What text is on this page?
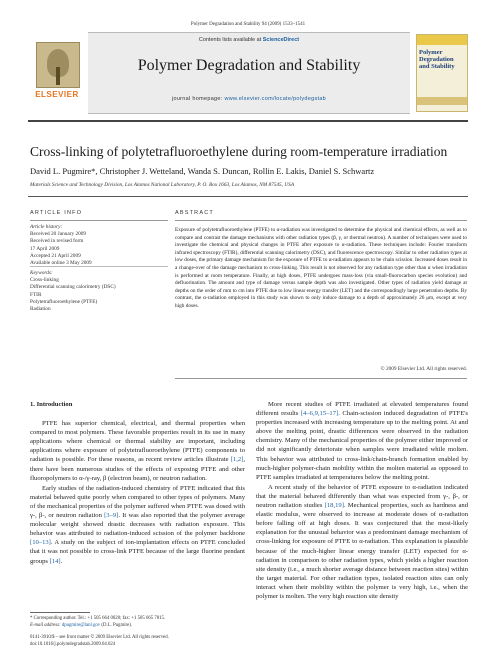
Polymer Degradation and Stability 94 (2009) 1533–1541
ELSEVIER
Contents lists available at ScienceDirect
Polymer Degradation and Stability
journal homepage: www.elsevier.com/locate/polydegstab
Polymer Degradation and Stability
Cross-linking of polytetrafluoroethylene during room-temperature irradiation
David L. Pugmire*, Christopher J. Wetteland, Wanda S. Duncan, Rollin E. Lakis, Daniel S. Schwartz
Materials Science and Technology Division, Los Alamos National Laboratory, P. O. Box 1663, Los Alamos, NM 87545, USA
ARTICLE INFO	ABSTRACT
Article history:
Received 20 January 2009
Received in revised form
17 April 2009
Accepted 21 April 2009
Available online 3 May 2009
Keywords:
Cross-linking
Differential scanning calorimetry (DSC)
FTIR
Polytetrafluoroethylene (PTFE)
Radiation
Exposure of polytetrafluoroethylene (PTFE) to α-radiation was investigated to determine the physical and chemical effects, as well as to compare and contrast the damage mechanisms with other radiation types (β, γ, or thermal neutron). A number of techniques were used to investigate the chemical and physical changes in PTFE after exposure to α-radiation. These techniques include: Fourier transform infrared spectroscopy (FTIR), differential scanning calorimetry (DSC), and fluorescence spectroscopy. Similar to other radiation types at low doses, the primary damage mechanism for the exposure of PTFE to α-radiation appears to be chain scission. Increased doses result in a change-over of the damage mechanism to cross-linking. This result is not observed for any radiation type other than α when irradiation is performed at room temperature. Finally, at high doses, PTFE undergoes mass-loss (via small-fluorocarbon species evolution) and defluorination. The amount and type of damage versus sample depth was also investigated. Other types of radiation yield damage at depths on the order of mm to cm into PTFE due to low linear energy transfer (LET) and the correspondingly large penetration depths. By contrast, the α-radiation employed in this study was shown to only induce damage to a depth of approximately 26 μm, except at very high doses.
© 2009 Elsevier Ltd. All rights reserved.
1. Introduction

PTFE has superior chemical, electrical, and thermal properties when compared to most polymers. These favorable properties result in its use in many applications where chemical or thermal stability are important, including applications where exposure of polytetrafluoroethylene (PTFE) components to radiation is possible. For these reasons, as recent review articles illustrate [1,2], there have been numerous studies of the effects of exposing PTFE and other fluoropolymers to α-/γ-ray, β (electron beam), or neutron radiation.

Early studies of the radiation-induced chemistry of PTFE indicated that this material behaved quite poorly when compared to other types of polymers. Many of the mechanical properties of the polymer suffered when PTFE was dosed with γ-, β-, or neutron radiation [3–9]. It was also reported that the polymer average molecular weight showed drastic decreases with radiation exposure. This behavior was attributed to radiation-induced scission of the polymer backbone [10–13]. A study on the subject of ion-implantation effects on PTFE concluded that it was not possible to cross-link PTFE because of the large fluorine pendant groups [14].

More recent studies of PTFE irradiated at elevated temperatures found different results [4–6,9,15–17]. Chain-scission induced degradation of PTFE's properties increased with increasing temperature up to the melting point. At and above the melting point, drastic differences were observed in the radiation chemistry. Many of the mechanical properties of the polymer either improved or did not significantly deteriorate when samples were irradiated while molten. This behavior was attributed to cross-link/chain-branch formation enabled by much-higher polymer-chain mobility within the molten material as opposed to PTFE samples irradiated at temperatures below the melting point.

A recent study of the behavior of PTFE exposure to α-radiation indicated that the material behaved differently than what was expected from γ-, β-, or neutron radiation studies [18,19]. Mechanical properties, such as hardness and elastic modulus, were observed to increase at moderate doses of α-radiation before falling off at high doses. It was conjectured that the most-likely explanation for the unusual behavior was a predominant damage mechanism of cross-linking for exposure of PTFE to α-radiation. This explanation is plausible because of the much-higher linear energy transfer (LET) expected for α-radiation in comparison to other radiation types, which yields a higher reaction site density (i.e., a much shorter average distance between reaction sites) within the target material. For other radiation types, isolated reaction sites can only interact when their mobility within the polymer is very high, i.e., when the polymer is molten. The very high reaction site density

* Corresponding author. Tel.: +1 505 664 0028; fax: +1 505 665 7815.
E-mail address: dpugmire@lanl.gov (D.L. Pugmire).
0141-3910/$ – see front matter © 2009 Elsevier Ltd. All rights reserved.
doi:10.1016/j.polymdegradstab.2009.04.024
